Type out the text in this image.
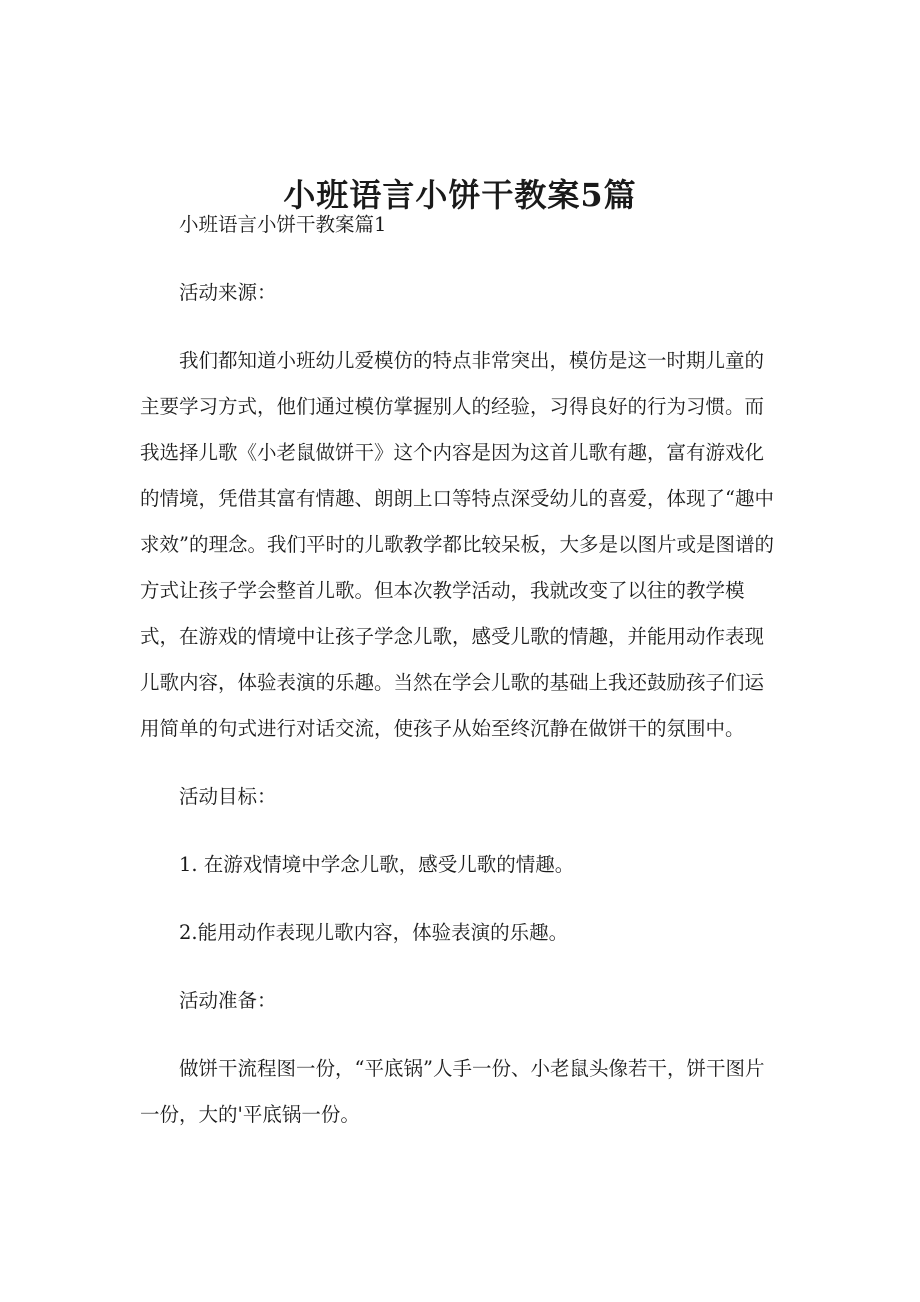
小班语言小饼干教案5篇

小班语言小饼干教案篇1

活动来源：

我们都知道小班幼儿爱模仿的特点非常突出，模仿是这一时期儿童的主要学习方式，他们通过模仿掌握别人的经验，习得良好的行为习惯。而我选择儿歌《小老鼠做饼干》这个内容是因为这首儿歌有趣，富有游戏化的情境，凭借其富有情趣、朗朗上口等特点深受幼儿的喜爱，体现了“趣中求效”的理念。我们平时的儿歌教学都比较呆板，大多是以图片或是图谱的方式让孩子学会整首儿歌。但本次教学活动，我就改变了以往的教学模式，在游戏的情境中让孩子学念儿歌，感受儿歌的情趣，并能用动作表现儿歌内容，体验表演的乐趣。当然在学会儿歌的基础上我还鼓励孩子们运用简单的句式进行对话交流，使孩子从始至终沉静在做饼干的氛围中。

活动目标：

1. 在游戏情境中学念儿歌，感受儿歌的情趣。

2.能用动作表现儿歌内容，体验表演的乐趣。

活动准备：

做饼干流程图一份，“平底锅”人手一份、小老鼠头像若干，饼干图片一份，大的'平底锅一份。
